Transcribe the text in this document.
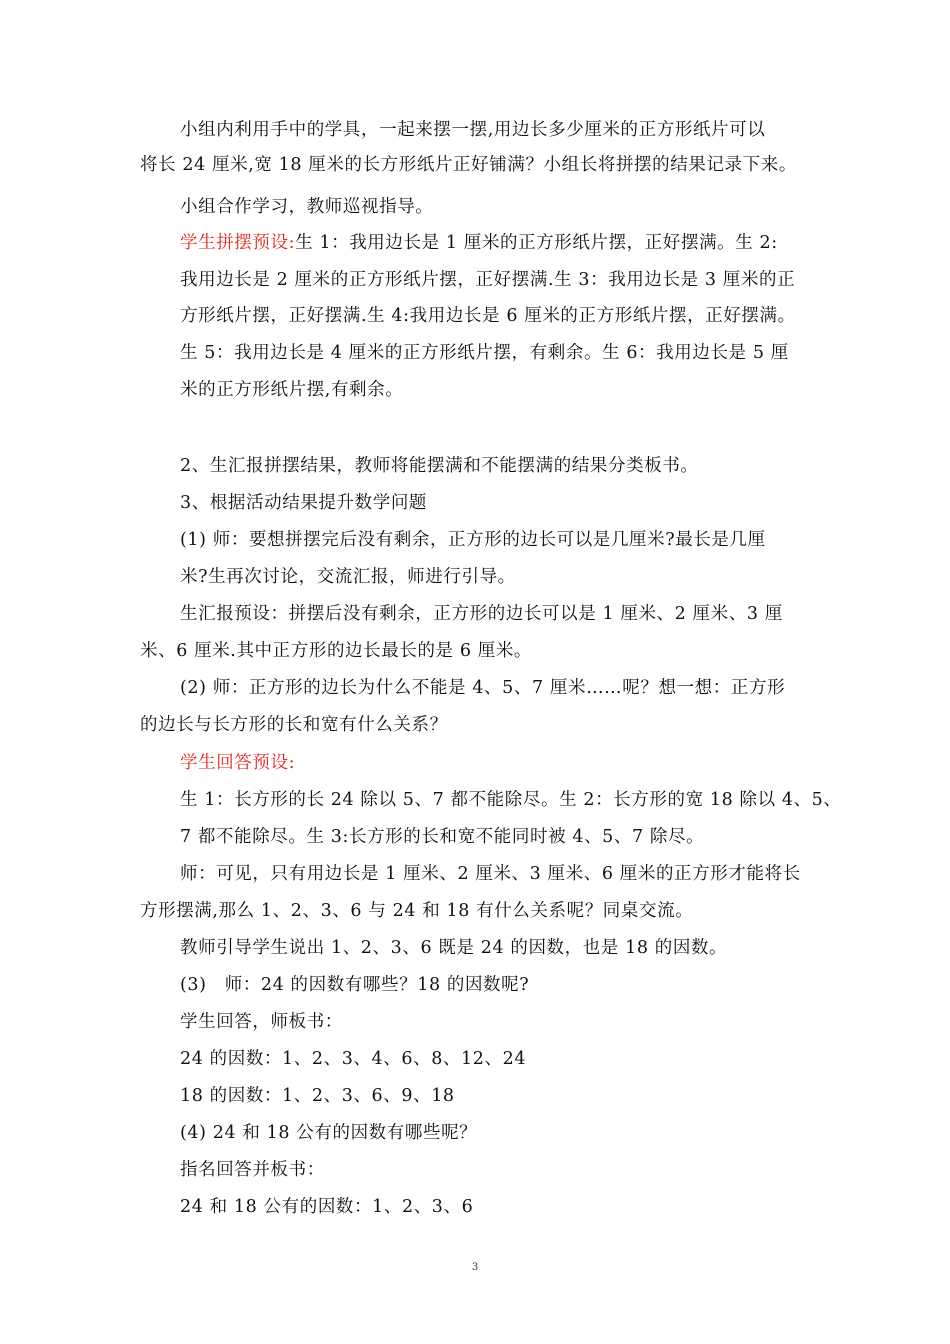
小组内利用手中的学具，一起来摆一摆,用边长多少厘米的正方形纸片可以
将长 24 厘米,宽 18 厘米的长方形纸片正好铺满？小组长将拼摆的结果记录下来。
小组合作学习，教师巡视指导。
学生拼摆预设:生 1：我用边长是 1 厘米的正方形纸片摆，正好摆满。生 2:
我用边长是 2 厘米的正方形纸片摆，正好摆满.生 3：我用边长是 3 厘米的正
方形纸片摆，正好摆满.生 4:我用边长是 6 厘米的正方形纸片摆，正好摆满。
生 5：我用边长是 4 厘米的正方形纸片摆，有剩余。生 6：我用边长是 5 厘
米的正方形纸片摆,有剩余。
2、生汇报拼摆结果，教师将能摆满和不能摆满的结果分类板书。
3、根据活动结果提升数学问题
(1) 师：要想拼摆完后没有剩余，正方形的边长可以是几厘米?最长是几厘
米?生再次讨论，交流汇报，师进行引导。
生汇报预设：拼摆后没有剩余，正方形的边长可以是 1 厘米、2 厘米、3 厘
米、6 厘米.其中正方形的边长最长的是 6 厘米。
(2) 师：正方形的边长为什么不能是 4、5、7 厘米……呢？想一想：正方形
的边长与长方形的长和宽有什么关系？
学生回答预设:
生 1：长方形的长 24 除以 5、7 都不能除尽。生 2：长方形的宽 18 除以 4、5、
7 都不能除尽。生 3:长方形的长和宽不能同时被 4、5、7 除尽。
师：可见，只有用边长是 1 厘米、2 厘米、3 厘米、6 厘米的正方形才能将长
方形摆满,那么 1、2、3、6 与 24 和 18 有什么关系呢？同桌交流。
教师引导学生说出 1、2、3、6 既是 24 的因数，也是 18 的因数。
(3)　师：24 的因数有哪些？18 的因数呢?
学生回答，师板书：
24 的因数：1、2、3、4、6、8、12、24
18 的因数：1、2、3、6、9、18
(4) 24 和 18 公有的因数有哪些呢？
指名回答并板书：
24 和 18 公有的因数：1、2、3、6
3
